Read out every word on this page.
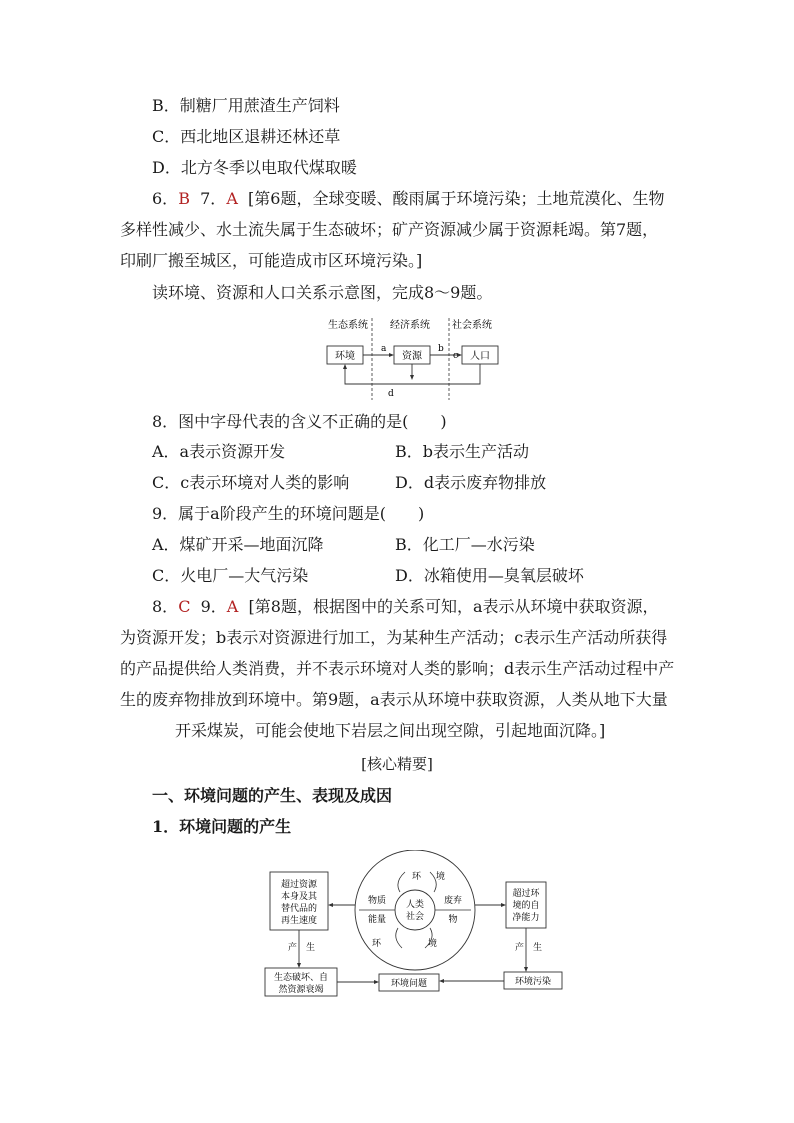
B．制糖厂用蔗渣生产饲料
C．西北地区退耕还林还草
D．北方冬季以电取代煤取暖
6．B 7．A [第6题，全球变暖、酸雨属于环境污染；土地荒漠化、生物
多样性减少、水土流失属于生态破坏；矿产资源减少属于资源耗竭。第7题，
印刷厂搬至城区，可能造成市区环境污染。]
读环境、资源和人口关系示意图，完成8～9题。
生态系统 经济系统 社会系统
环境	资源	人口
a	b
c
d
8．图中字母代表的含义不正确的是(　　)
A．a表示资源开发	B．b表示生产活动
C．c表示环境对人类的影响	D．d表示废弃物排放
9．属于a阶段产生的环境问题是(　　)
A．煤矿开采—地面沉降	B．化工厂—水污染
C．火电厂—大气污染	D．冰箱使用—臭氧层破坏
8．C 9．A [第8题，根据图中的关系可知，a表示从环境中获取资源，
为资源开发；b表示对资源进行加工，为某种生产活动；c表示生产活动所获得
的产品提供给人类消费，并不表示环境对人类的影响；d表示生产活动过程中产
生的废弃物排放到环境中。第9题，a表示从环境中获取资源，人类从地下大量
开采煤炭，可能会使地下岩层之间出现空隙，引起地面沉降。]
[核心精要]
一、环境问题的产生、表现及成因
1．环境问题的产生
超过资源
本身及其
替代品的
再生速度
环 境
环	境
物质
能量
废弃
物
人类
社会
超过环
境的自
净能力
产　生	产　生
生态破坏、自
然资源衰竭
环境问题	环境污染
